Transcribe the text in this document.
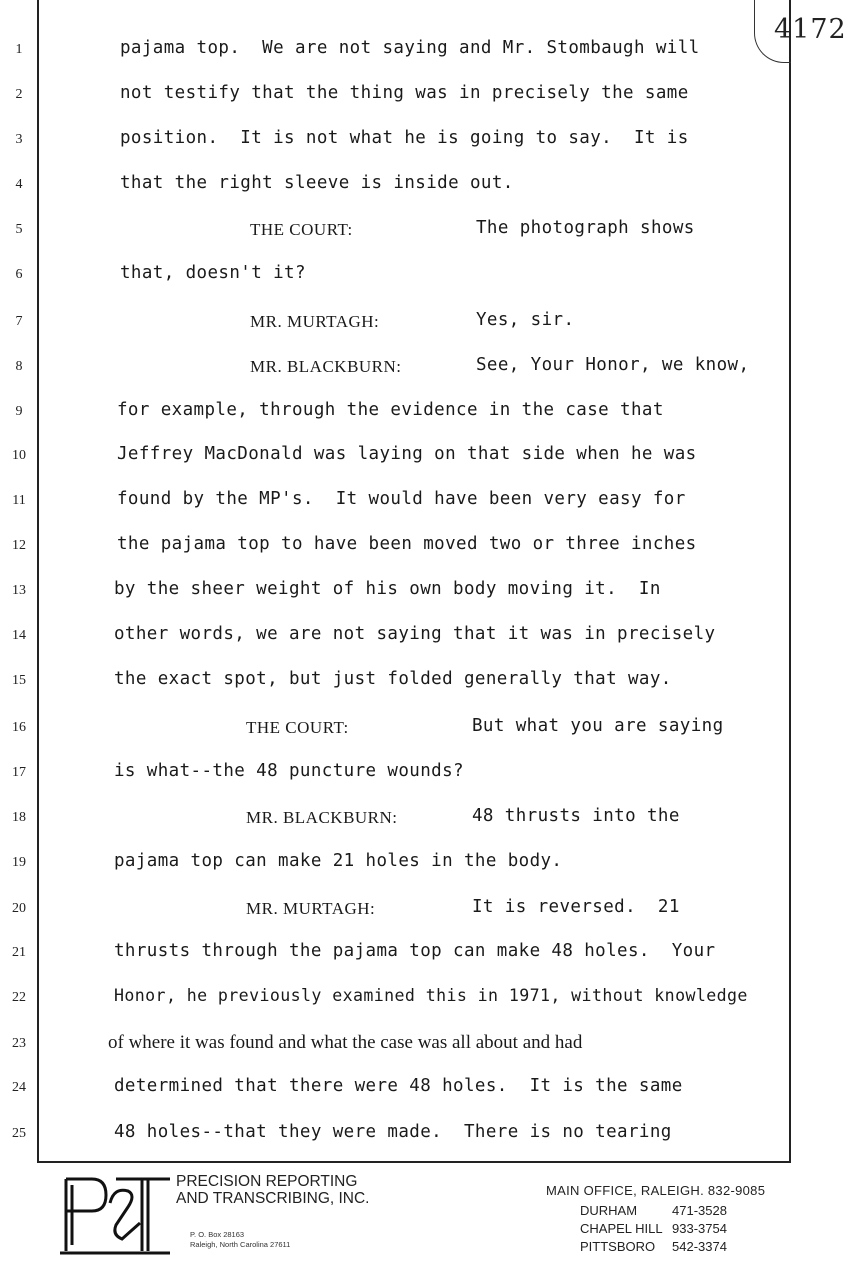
4172
1	pajama top.  We are not saying and Mr. Stombaugh will
2	not testify that the thing was in precisely the same
3	position.  It is not what he is going to say.  It is
4	that the right sleeve is inside out.
5	THE COURT:	The photograph shows
6	that, doesn't it?
7	MR. MURTAGH:	Yes, sir.
8	MR. BLACKBURN:	See, Your Honor, we know,
9	for example, through the evidence in the case that
10	Jeffrey MacDonald was laying on that side when he was
11	found by the MP's.  It would have been very easy for
12	the pajama top to have been moved two or three inches
13	by the sheer weight of his own body moving it.  In
14	other words, we are not saying that it was in precisely
15	the exact spot, but just folded generally that way.
16	THE COURT:	But what you are saying
17	is what--the 48 puncture wounds?
18	MR. BLACKBURN:	48 thrusts into the
19	pajama top can make 21 holes in the body.
20	MR. MURTAGH:	It is reversed.  21
21	thrusts through the pajama top can make 48 holes.  Your
22	Honor, he previously examined this in 1971, without knowledge
23	of where it was found and what the case was all about and had
24	determined that there were 48 holes.  It is the same
25	48 holes--that they were made.  There is no tearing
PRECISION REPORTING
AND TRANSCRIBING, INC.
P. O. Box 28163
Raleigh, North Carolina 27611
MAIN OFFICE, RALEIGH. 832-9085
DURHAM	471-3528
CHAPEL HILL 933-3754
PITTSBORO 542-3374
